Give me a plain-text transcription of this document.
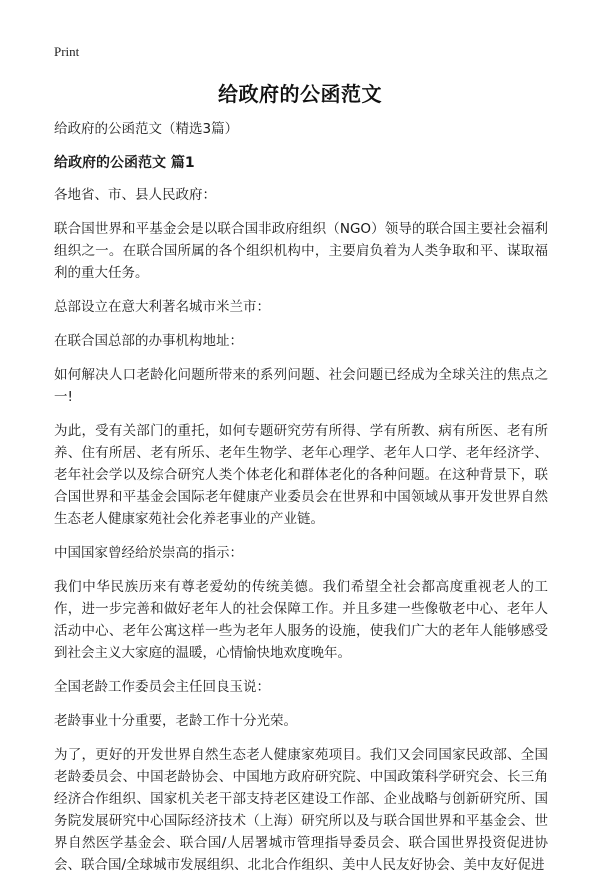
Print
给政府的公函范文
给政府的公函范文（精选3篇）
给政府的公函范文 篇1

各地省、市、县人民政府：

联合国世界和平基金会是以联合国非政府组织（NGO）领导的联合国主要社会福利组织之一。在联合国所属的各个组织机构中，主要肩负着为人类争取和平、谋取福利的重大任务。

总部设立在意大利著名城市米兰市：

在联合国总部的办事机构地址：

如何解决人口老龄化问题所带来的系列问题、社会问题已经成为全球关注的焦点之一!

为此，受有关部门的重托，如何专题研究劳有所得、学有所教、病有所医、老有所养、住有所居、老有所乐、老年生物学、老年心理学、老年人口学、老年经济学、老年社会学以及综合研究人类个体老化和群体老化的各种问题。在这种背景下，联合国世界和平基金会国际老年健康产业委员会在世界和中国领域从事开发世界自然生态老人健康家苑社会化养老事业的产业链。

中国国家曾经给於崇高的指示：

我们中华民族历来有尊老爱幼的传统美德。我们希望全社会都高度重视老人的工作，进一步完善和做好老年人的社会保障工作。并且多建一些像敬老中心、老年人活动中心、老年公寓这样一些为老年人服务的设施，使我们广大的老年人能够感受到社会主义大家庭的温暖，心情愉快地欢度晚年。

全国老龄工作委员会主任回良玉说：

老龄事业十分重要，老龄工作十分光荣。

为了，更好的开发世界自然生态老人健康家苑项目。我们又会同国家民政部、全国老龄委员会、中国老龄协会、中国地方政府研究院、中国政策科学研究会、长三角经济合作组织、国家机关老干部支持老区建设工作部、企业战略与创新研究所、国务院发展研究中心国际经济技术（上海）研究所以及与联合国世界和平基金会、世界自然医学基金会、联合国/人居署城市管理指导委员会、联合国世界投资促进协会、联合国/全球城市发展组织、北北合作组织、美中人民友好协会、美中友好促进
